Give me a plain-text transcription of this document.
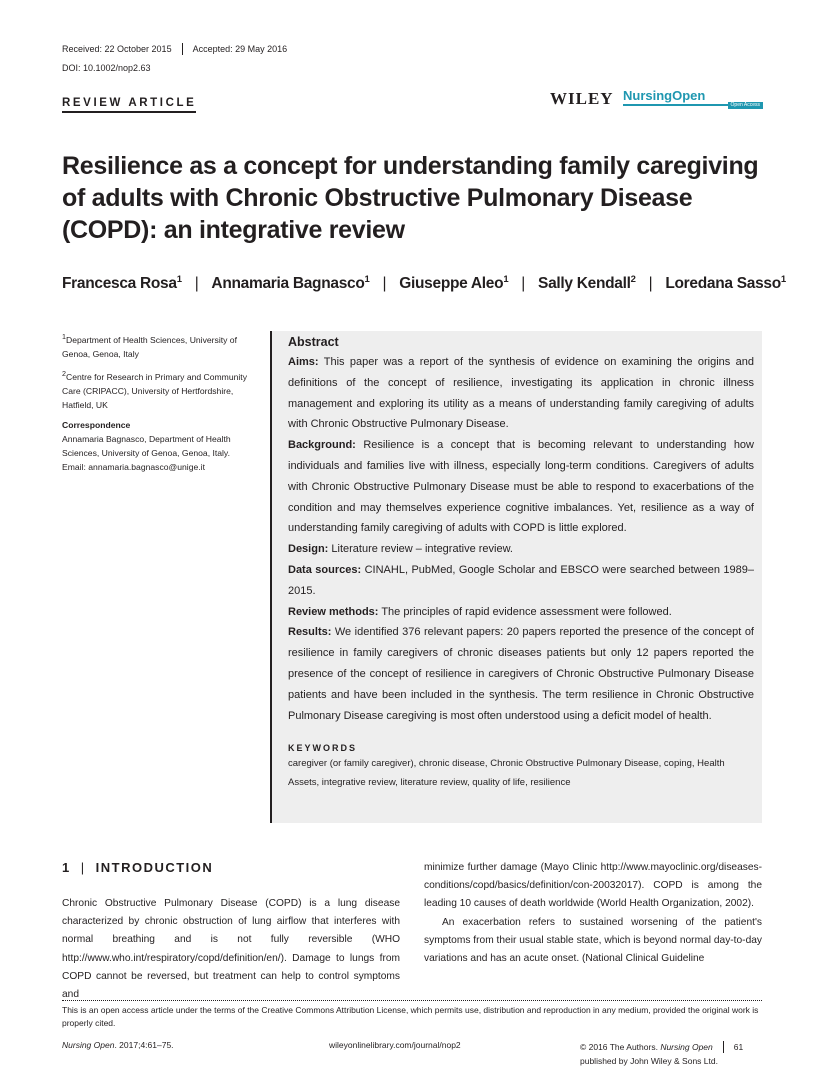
Received: 22 October 2015 Accepted: 29 May 2016
DOI: 10.1002/nop2.63
REVIEW ARTICLE	WILEY NursingOpen
Open Access
Resilience as a concept for understanding family caregiving of adults with Chronic Obstructive Pulmonary Disease (COPD): an integrative review
Francesca Rosa$^1$ | Annamaria Bagnasco$^1$ | Giuseppe Aleo$^1$ | Sally Kendall$^2$ | Loredana Sasso$^1$

$^1$Department of Health Sciences, University of Genoa, Genoa, Italy

$^2$Centre for Research in Primary and Community Care (CRIPACC), University of Hertfordshire, Hatfield, UK

Correspondence

Annamaria Bagnasco, Department of Health Sciences, University of Genoa, Genoa, Italy.
Email: annamaria.bagnasco@unige.it

Abstract

Aims: This paper was a report of the synthesis of evidence on examining the origins and definitions of the concept of resilience, investigating its application in chronic illness management and exploring its utility as a means of understanding family caregiving of adults with Chronic Obstructive Pulmonary Disease.

Background: Resilience is a concept that is becoming relevant to understanding how individuals and families live with illness, especially long-term conditions. Caregivers of adults with Chronic Obstructive Pulmonary Disease must be able to respond to exacerbations of the condition and may themselves experience cognitive imbalances. Yet, resilience as a way of understanding family caregiving of adults with COPD is little explored.

Design: Literature review – integrative review.

Data sources: CINAHL, PubMed, Google Scholar and EBSCO were searched between 1989–2015.

Review methods: The principles of rapid evidence assessment were followed.

Results: We identified 376 relevant papers: 20 papers reported the presence of the concept of resilience in family caregivers of chronic diseases patients but only 12 papers reported the presence of the concept of resilience in caregivers of Chronic Obstructive Pulmonary Disease patients and have been included in the synthesis. The term resilience in Chronic Obstructive Pulmonary Disease caregiving is most often understood using a deficit model of health.

KEYWORDS
caregiver (or family caregiver), chronic disease, Chronic Obstructive Pulmonary Disease, coping, Health Assets, integrative review, literature review, quality of life, resilience
1 | INTRODUCTION

Chronic Obstructive Pulmonary Disease (COPD) is a lung disease characterized by chronic obstruction of lung airflow that interferes with normal breathing and is not fully reversible (WHO http://www.who.int/respiratory/copd/definition/en/). Damage to lungs from COPD cannot be reversed, but treatment can help to control symptoms and

minimize further damage (Mayo Clinic http://www.mayoclinic.org/diseases-conditions/copd/basics/definition/con-20032017). COPD is among the leading 10 causes of death worldwide (World Health Organization, 2002).

An exacerbation refers to sustained worsening of the patient's symptoms from their usual stable state, which is beyond normal day-to-day variations and has an acute onset. (National Clinical Guideline

This is an open access article under the terms of the Creative Commons Attribution License, which permits use, distribution and reproduction in any medium, provided the original work is properly cited.
Nursing Open. 2017;4:61–75.	wileyonlinelibrary.com/journal/nop2	© 2016 The Authors. Nursing Open 61
published by John Wiley & Sons Ltd.
